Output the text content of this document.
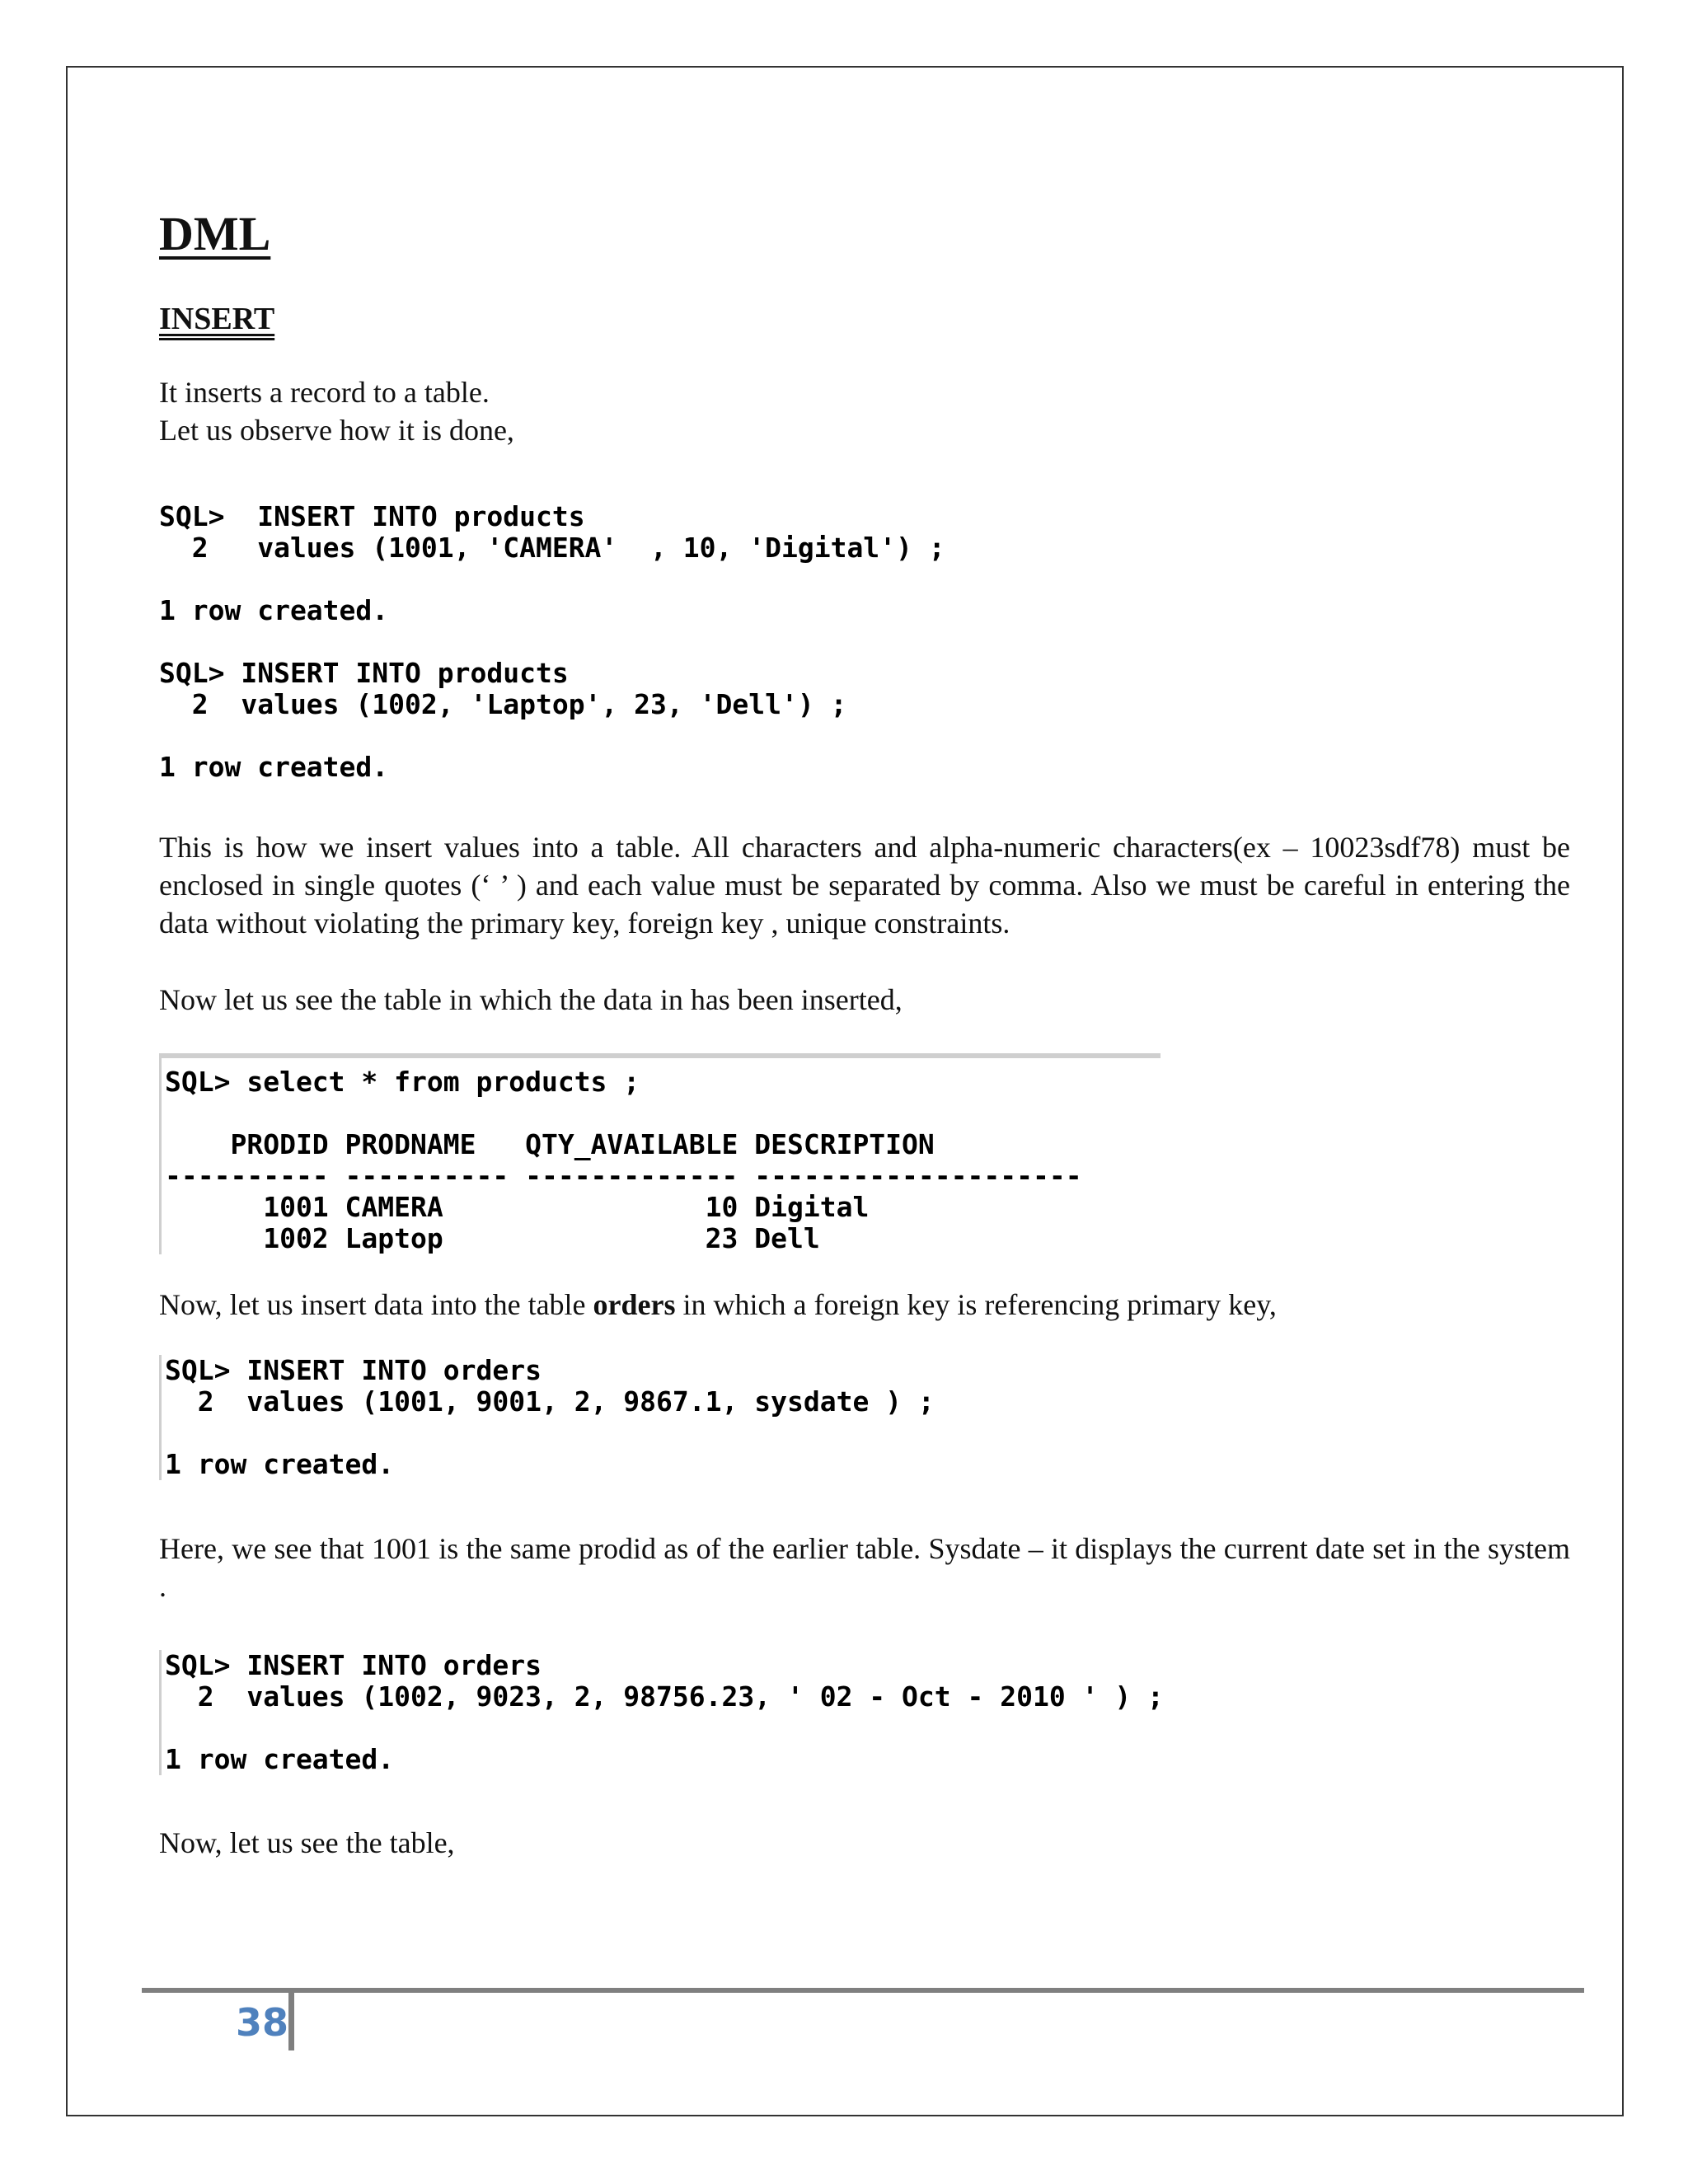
DML
INSERT

It inserts a record to a table.

Let us observe how it is done,

SQL>  INSERT INTO products
2   values (1001, 'CAMERA'  , 10, 'Digital') ;

1 row created.

SQL> INSERT INTO products
2  values (1002, 'Laptop', 23, 'Dell') ;

1 row created.

This is how we insert values into a table. All characters and alpha-numeric characters(ex – 10023sdf78) must be enclosed in single quotes (‘ ’ ) and each value must be separated by comma. Also we must be careful in entering the data without violating the primary key, foreign key , unique constraints.

Now let us see the table in which the data in has been inserted,

SQL> select * from products ;

PRODID PRODNAME   QTY_AVAILABLE DESCRIPTION
---------- ---------- ------------- --------------------
1001 CAMERA                10 Digital
1002 Laptop                23 Dell

Now, let us insert data into the table orders in which a foreign key is referencing primary key,

SQL> INSERT INTO orders
2  values (1001, 9001, 2, 9867.1, sysdate ) ;

1 row created.

Here, we see that 1001 is the same prodid as of the earlier table. Sysdate – it displays the current date set in the system .

SQL> INSERT INTO orders
2  values (1002, 9023, 2, 98756.23, ' 02 - Oct - 2010 ' ) ;

1 row created.

Now, let us see the table,

38
